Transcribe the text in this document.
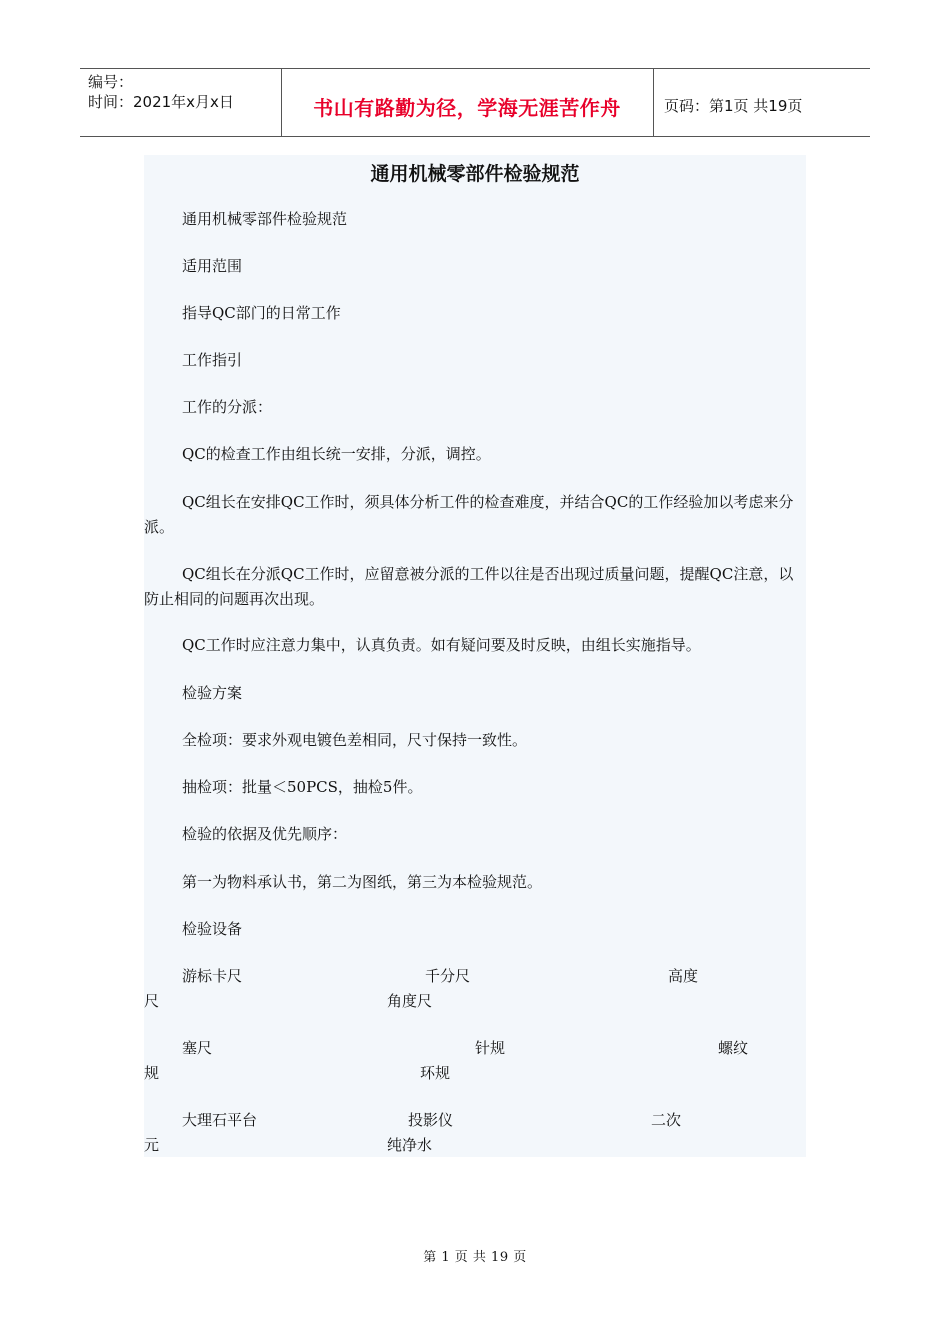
编号：
时间：2021年x月x日	书山有路勤为径，学海无涯苦作舟	页码：第1页 共19页
通用机械零部件检验规范

通用机械零部件检验规范

适用范围

指导QC部门的日常工作

工作指引

工作的分派：

QC的检查工作由组长统一安排，分派，调控。

QC组长在安排QC工作时，须具体分析工件的检查难度，并结合QC的工作经验加以考虑来分派。

QC组长在分派QC工作时，应留意被分派的工件以往是否出现过质量问题，提醒QC注意，以防止相同的问题再次出现。

QC工作时应注意力集中，认真负责。如有疑问要及时反映，由组长实施指导。

检验方案

全检项：要求外观电镀色差相同，尺寸保持一致性。

抽检项：批量＜50PCS，抽检5件。

检验的依据及优先顺序：

第一为物料承认书，第二为图纸，第三为本检验规范。

检验设备

游标卡尺	千分尺	高度
尺	角度尺
塞尺	针规	螺纹
规	环规
大理石平台	投影仪	二次
元	纯净水
第 1 页 共 19 页
